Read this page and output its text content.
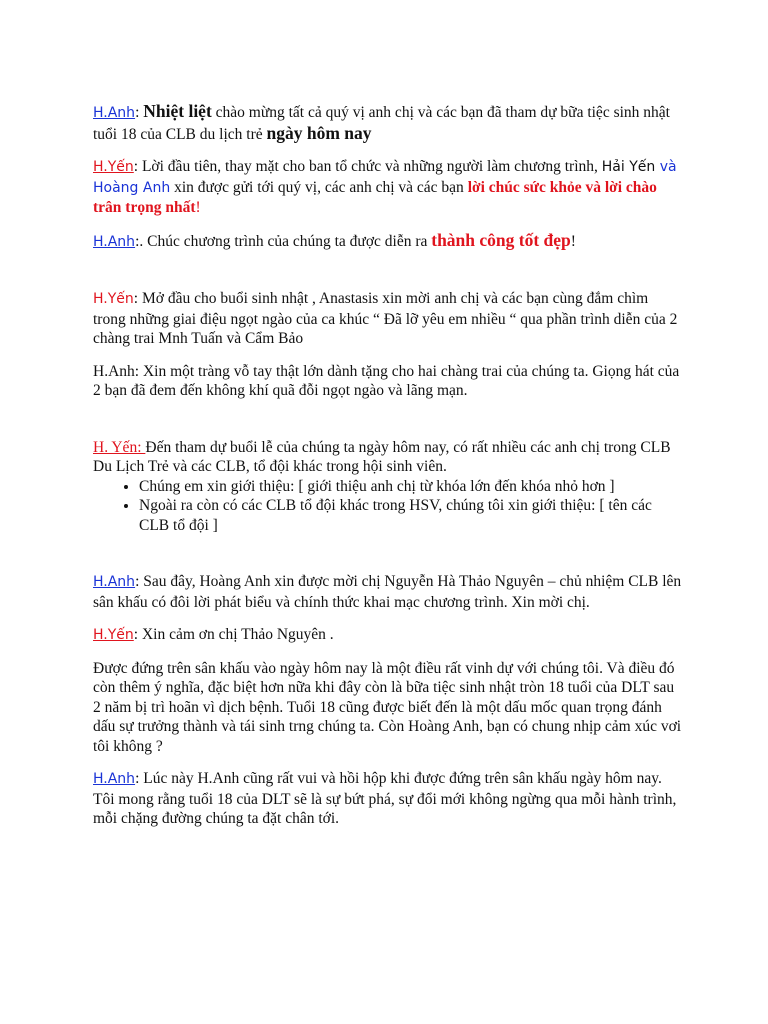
H.Anh: Nhiệt liệt chào mừng tất cả quý vị anh chị và các bạn đã tham dự bữa tiệc sinh nhật tuổi 18 của CLB du lịch trẻ ngày hôm nay

H.Yến: Lời đầu tiên, thay mặt cho ban tổ chức và những người làm chương trình, Hải Yến và Hoàng Anh xin được gửi tới quý vị, các anh chị và các bạn lời chúc sức khỏe và lời chào trân trọng nhất!

H.Anh:. Chúc chương trình của chúng ta được diễn ra thành công tốt đẹp!

H.Yến: Mở đầu cho buổi sinh nhật , Anastasis xin mời anh chị và các bạn cùng đắm chìm trong những giai điệu ngọt ngào của ca khúc “ Đã lỡ yêu em nhiều “ qua phần trình diễn của 2 chàng trai Mnh Tuấn và Cẩm Bảo

H.Anh: Xin một tràng vỗ tay thật lớn dành tặng cho hai chàng trai của chúng ta. Giọng hát của 2 bạn đã đem đến không khí quã đỗi ngọt ngào và lãng mạn.

H. Yến: Đến tham dự buổi lễ của chúng ta ngày hôm nay, có rất nhiều các anh chị trong CLB Du Lịch Trẻ và các CLB, tổ đội khác trong hội sinh viên.

• Chúng em xin giới thiệu: [ giới thiệu anh chị từ khóa lớn đến khóa nhỏ hơn ]
• Ngoài ra còn có các CLB tổ đội khác trong HSV, chúng tôi xin giới thiệu: [ tên các CLB tổ đội ]

H.Anh: Sau đây, Hoàng Anh xin được mời chị Nguyễn Hà Thảo Nguyên – chủ nhiệm CLB lên sân khấu có đôi lời phát biểu và chính thức khai mạc chương trình. Xin mời chị.

H.Yến: Xin cảm ơn chị Thảo Nguyên .

Được đứng trên sân khấu vào ngày hôm nay là một điều rất vinh dự với chúng tôi. Và điều đó còn thêm ý nghĩa, đặc biệt hơn nữa khi đây còn là bữa tiệc sinh nhật tròn 18 tuổi của DLT sau 2 năm bị trì hoãn vì dịch bệnh. Tuổi 18 cũng được biết đến là một dấu mốc quan trọng đánh dấu sự trưởng thành và tái sinh trng chúng ta. Còn Hoàng Anh, bạn có chung nhịp cảm xúc vơi tôi không ?

H.Anh: Lúc này H.Anh cũng rất vui và hồi hộp khi được đứng trên sân khấu ngày hôm nay. Tôi mong rằng tuổi 18 của DLT sẽ là sự bứt phá, sự đổi mới không ngừng qua mỗi hành trình, mỗi chặng đường chúng ta đặt chân tới.
